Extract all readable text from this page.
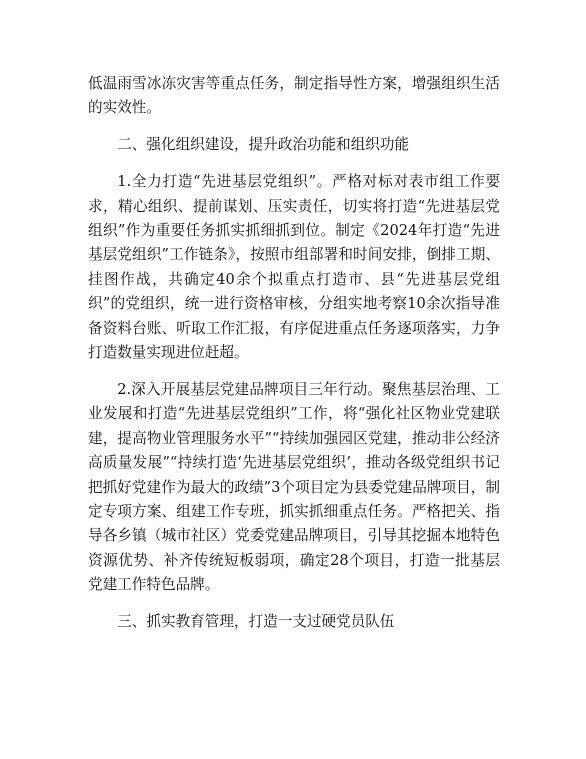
低温雨雪冰冻灾害等重点任务，制定指导性方案，增强组织生活的实效性。

二、强化组织建设，提升政治功能和组织功能

1.全力打造“先进基层党组织”。严格对标对表市组工作要求，精心组织、提前谋划、压实责任，切实将打造“先进基层党组织”作为重要任务抓实抓细抓到位。制定《2024年打造“先进基层党组织”工作链条》，按照市组部署和时间安排，倒排工期、挂图作战，共确定40余个拟重点打造市、县“先进基层党组织”的党组织，统一进行资格审核，分组实地考察10余次指导准备资料台账、听取工作汇报，有序促进重点任务逐项落实，力争打造数量实现进位赶超。

2.深入开展基层党建品牌项目三年行动。聚焦基层治理、工业发展和打造“先进基层党组织”工作，将“强化社区物业党建联建，提高物业管理服务水平”“持续加强园区党建，推动非公经济高质量发展”“持续打造‘先进基层党组织’，推动各级党组织书记把抓好党建作为最大的政绩”3个项目定为县委党建品牌项目，制定专项方案、组建工作专班，抓实抓细重点任务。严格把关、指导各乡镇（城市社区）党委党建品牌项目，引导其挖掘本地特色资源优势、补齐传统短板弱项，确定28个项目，打造一批基层党建工作特色品牌。

三、抓实教育管理，打造一支过硬党员队伍
